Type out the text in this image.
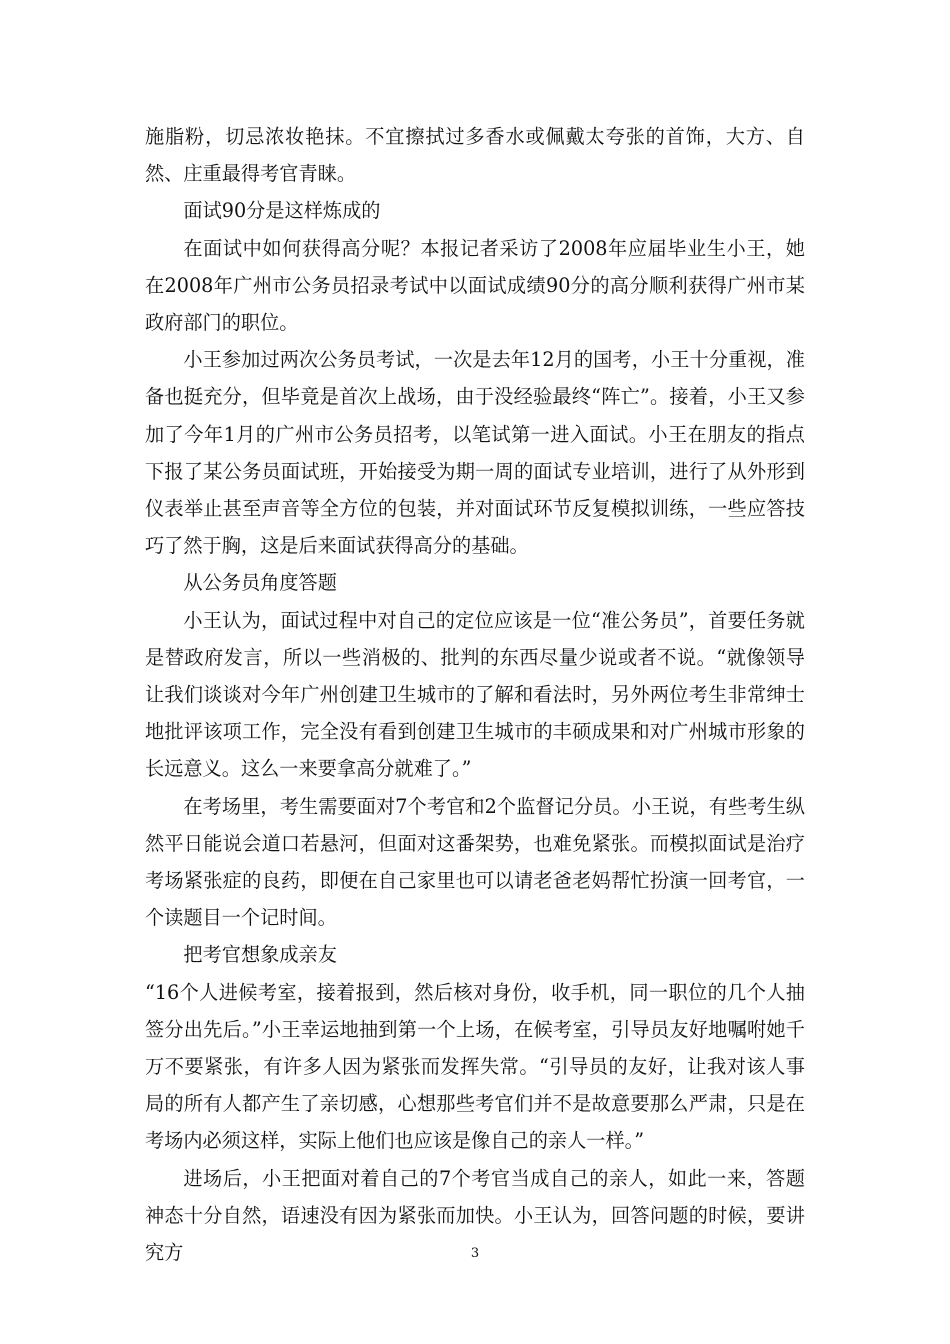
施脂粉，切忌浓妆艳抹。不宜擦拭过多香水或佩戴太夸张的首饰，大方、自然、庄重最得考官青睐。

面试90分是这样炼成的

在面试中如何获得高分呢？本报记者采访了2008年应届毕业生小王，她在2008年广州市公务员招录考试中以面试成绩90分的高分顺利获得广州市某政府部门的职位。

小王参加过两次公务员考试，一次是去年12月的国考，小王十分重视，准备也挺充分，但毕竟是首次上战场，由于没经验最终“阵亡”。接着，小王又参加了今年1月的广州市公务员招考，以笔试第一进入面试。小王在朋友的指点下报了某公务员面试班，开始接受为期一周的面试专业培训，进行了从外形到仪表举止甚至声音等全方位的包装，并对面试环节反复模拟训练，一些应答技巧了然于胸，这是后来面试获得高分的基础。

从公务员角度答题

小王认为，面试过程中对自己的定位应该是一位“准公务员”，首要任务就是替政府发言，所以一些消极的、批判的东西尽量少说或者不说。“就像领导让我们谈谈对今年广州创建卫生城市的了解和看法时，另外两位考生非常绅士地批评该项工作，完全没有看到创建卫生城市的丰硕成果和对广州城市形象的长远意义。这么一来要拿高分就难了。”

在考场里，考生需要面对7个考官和2个监督记分员。小王说，有些考生纵然平日能说会道口若悬河，但面对这番架势，也难免紧张。而模拟面试是治疗考场紧张症的良药，即便在自己家里也可以请老爸老妈帮忙扮演一回考官，一个读题目一个记时间。

把考官想象成亲友

“16个人进候考室，接着报到，然后核对身份，收手机，同一职位的几个人抽签分出先后。”小王幸运地抽到第一个上场，在候考室，引导员友好地嘱咐她千万不要紧张，有许多人因为紧张而发挥失常。“引导员的友好，让我对该人事局的所有人都产生了亲切感，心想那些考官们并不是故意要那么严肃，只是在考场内必须这样，实际上他们也应该是像自己的亲人一样。”

进场后，小王把面对着自己的7个考官当成自己的亲人，如此一来，答题神态十分自然，语速没有因为紧张而加快。小王认为，回答问题的时候，要讲究方	3
